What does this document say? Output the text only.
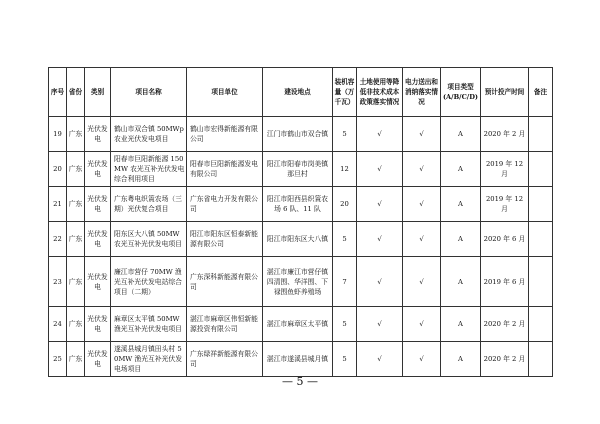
序号	省份	类别	项目名称	项目单位	建设地点	装机容量（万千瓦）	土地使用等降低非技术成本政策落实情况	电力送出和消纳落实情况	项目类型(A/B/C/D)	预计投产时间	备注
19	广东	光伏发电	鹤山市双合镇 50MWp 农业光伏发电项目	鹤山市宏得新能源有限公司	江门市鹤山市双合镇	5	√	√	A	2020 年 2 月	
20	广东	光伏发电	阳春市巨阳新能源 150MW 农光互补光伏发电综合利用项目	阳春市巨阳新能源发电有限公司	阳江市阳春市岗美镇那旦村	12	√	√	A	2019 年 12 月	
21	广东	光伏发电	广东粤电织篢农场（三期）光伏复合项目	广东省电力开发有限公司	阳江市阳西县织篢农场 6 队、11 队	20	√	√	A	2019 年 12 月	
22	广东	光伏发电	阳东区大八镇 50MW 农光互补光伏发电项目	阳江市阳东区恒泰新能源有限公司	阳江市阳东区大八镇	5	√	√	A	2020 年 6 月	
23	广东	光伏发电	廉江市营仔 70MW 渔光互补光伏发电站综合项目（二期）	广东深科新能源有限公司	湛江市廉江市营仔镇四清围、华洋围、下禄围鱼虾养殖场	7	√	√	A	2019 年 6 月	
24	广东	光伏发电	麻章区太平镇 50MW 渔光互补光伏发电项目	湛江市麻章区伟恒新能源投资有限公司	湛江市麻章区太平镇	5	√	√	A	2020 年 2 月	
25	广东	光伏发电	遂溪县城月镇田头村 50MW 渔光互补光伏发电场项目	广东绿祥新能源有限公司	湛江市遂溪县城月镇	5	√	√	A	2020 年 2 月	
— 5 —
